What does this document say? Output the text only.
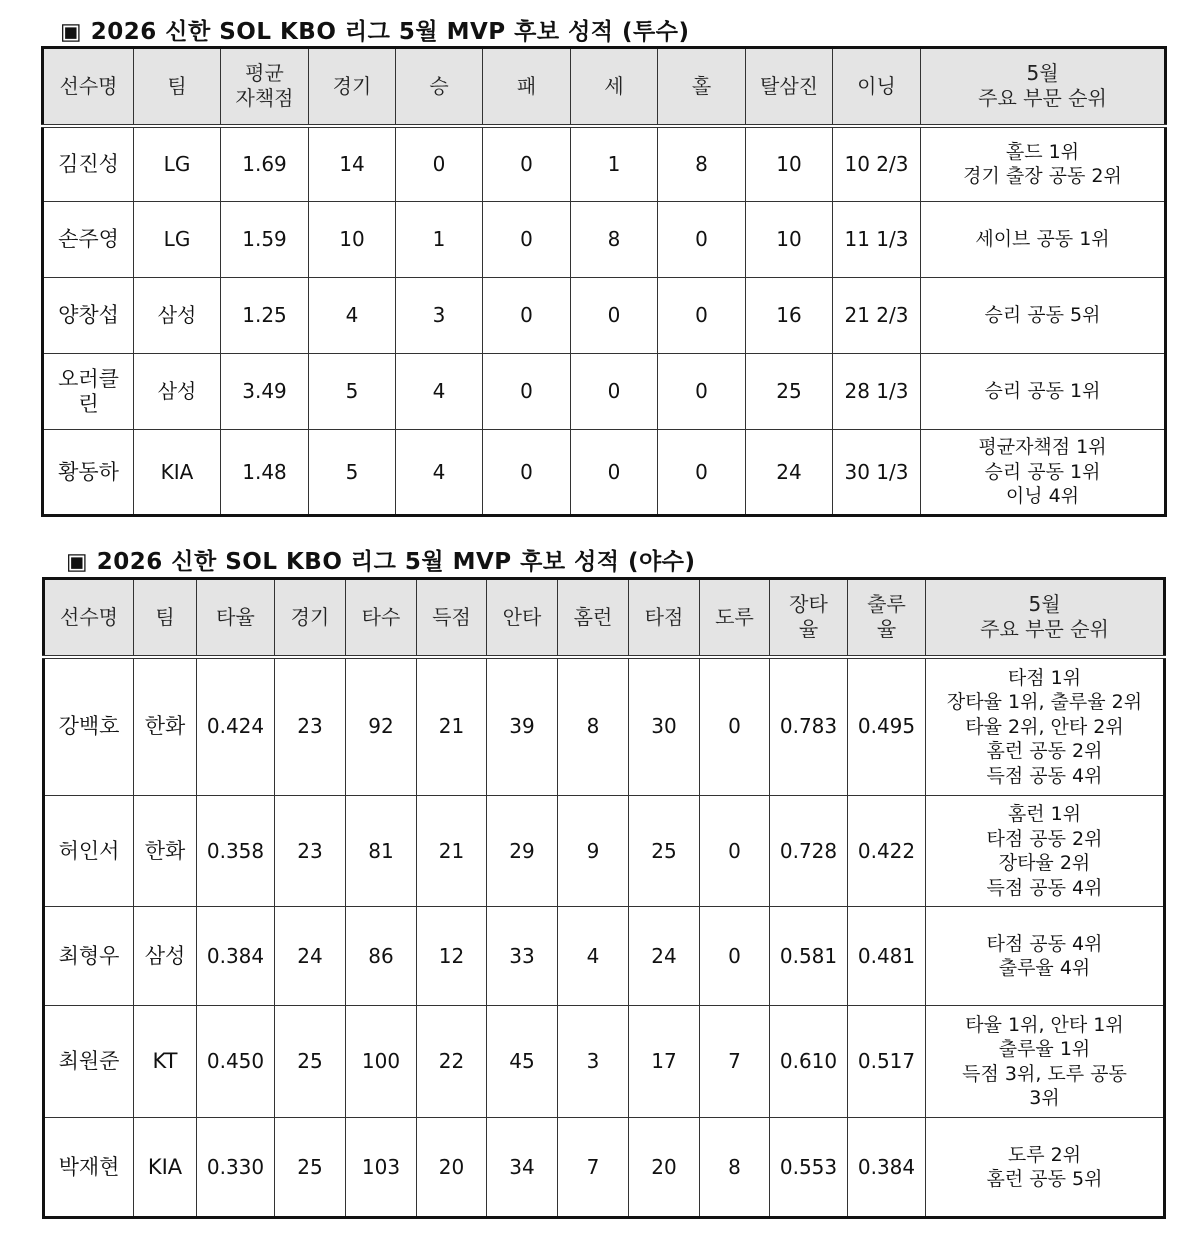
▣ 2026 신한 SOL KBO 리그 5월 MVP 후보 성적 (투수)
선수명	팀	평균
자책점	경기	승	패	세	홀	탈삼진	이닝	5월
주요 부문 순위
김진성	LG	1.69	14	0	0	1	8	10	10 2/3	홀드 1위
경기 출장 공동 2위
손주영	LG	1.59	10	1	0	8	0	10	11 1/3	세이브 공동 1위
양창섭	삼성	1.25	4	3	0	0	0	16	21 2/3	승리 공동 5위
오러클
린	삼성	3.49	5	4	0	0	0	25	28 1/3	승리 공동 1위
황동하	KIA	1.48	5	4	0	0	0	24	30 1/3	평균자책점 1위
승리 공동 1위
이닝 4위
▣ 2026 신한 SOL KBO 리그 5월 MVP 후보 성적 (야수)
선수명	팀	타율	경기	타수	득점	안타	홈런	타점	도루	장타
율	출루
율	5월
주요 부문 순위
강백호	한화	0.424	23	92	21	39	8	30	0	0.783	0.495	타점 1위
장타율 1위, 출루율 2위
타율 2위, 안타 2위
홈런 공동 2위
득점 공동 4위
허인서	한화	0.358	23	81	21	29	9	25	0	0.728	0.422	홈런 1위
타점 공동 2위
장타율 2위
득점 공동 4위
최형우	삼성	0.384	24	86	12	33	4	24	0	0.581	0.481	타점 공동 4위
출루율 4위
최원준	KT	0.450	25	100	22	45	3	17	7	0.610	0.517	타율 1위, 안타 1위
출루율 1위
득점 3위, 도루 공동
3위
박재현	KIA	0.330	25	103	20	34	7	20	8	0.553	0.384	도루 2위
홈런 공동 5위
